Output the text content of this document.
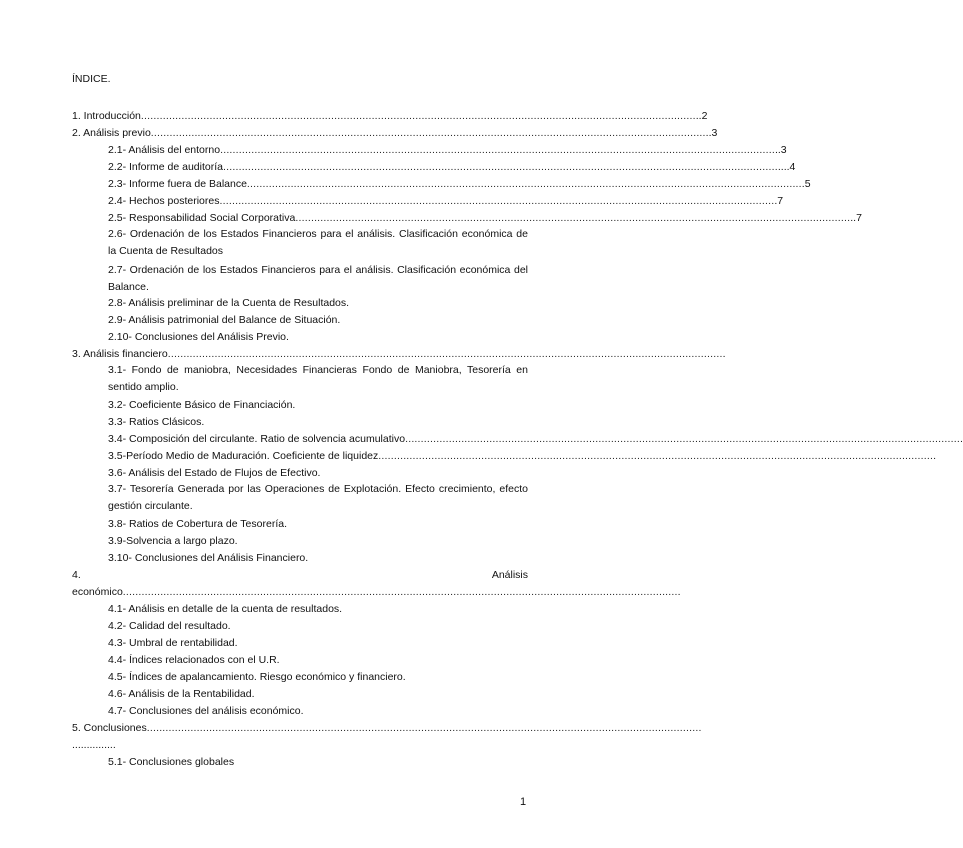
ÍNDICE.
1. Introducción .................................................................................................................................................................................. ..2
2. Análisis previo .................................................................................................................................................................................. ..3
2.1- Análisis del entorno .................................................................................................................................................................................. ..3
2.2- Informe de auditoría .................................................................................................................................................................................. ....4
2.3- Informe fuera de Balance .................................................................................................................................................................................. .5
2.4- Hechos posteriores .................................................................................................................................................................................. .7
2.5- Responsabilidad Social Corporativa .................................................................................................................................................................................. ..7
2.6- Ordenación de los Estados Financieros para el análisis. Clasificación económica de la Cuenta de Resultados
2.7- Ordenación de los Estados Financieros para el análisis. Clasificación económica del Balance.
2.8- Análisis preliminar de la Cuenta de Resultados.
2.9- Análisis patrimonial del Balance de Situación.
2.10- Conclusiones del Análisis Previo.
3. Análisis financiero .................................................................................................................................................................................. .
3.1- Fondo de maniobra, Necesidades Financieras Fondo de Maniobra, Tesorería en sentido amplio.
3.2- Coeficiente Básico de Financiación.
3.3- Ratios Clásicos.
3.4- Composición del circulante. Ratio de solvencia acumulativo .................................................................................................................................................................................. .
3.5-Período Medio de Maduración. Coeficiente de liquidez .................................................................................................................................................................................. .
3.6- Análisis del Estado de Flujos de Efectivo.
3.7- Tesorería Generada por las Operaciones de Explotación. Efecto crecimiento, efecto gestión circulante.
3.8- Ratios de Cobertura de Tesorería.
3.9-Solvencia a largo plazo.
3.10- Conclusiones del Análisis Financiero.
4.	Análisis
económico .................................................................................................................................................................................. .
4.1- Análisis en detalle de la cuenta de resultados.
4.2- Calidad del resultado.
4.3- Umbral de rentabilidad.
4.4- Índices relacionados con el U.R.
4.5- Índices de apalancamiento. Riesgo económico y financiero.
4.6- Análisis de la Rentabilidad.
4.7- Conclusiones del análisis económico.
5. Conclusiones ..................................................................................................................................................................................
...............
5.1- Conclusiones globales
1
